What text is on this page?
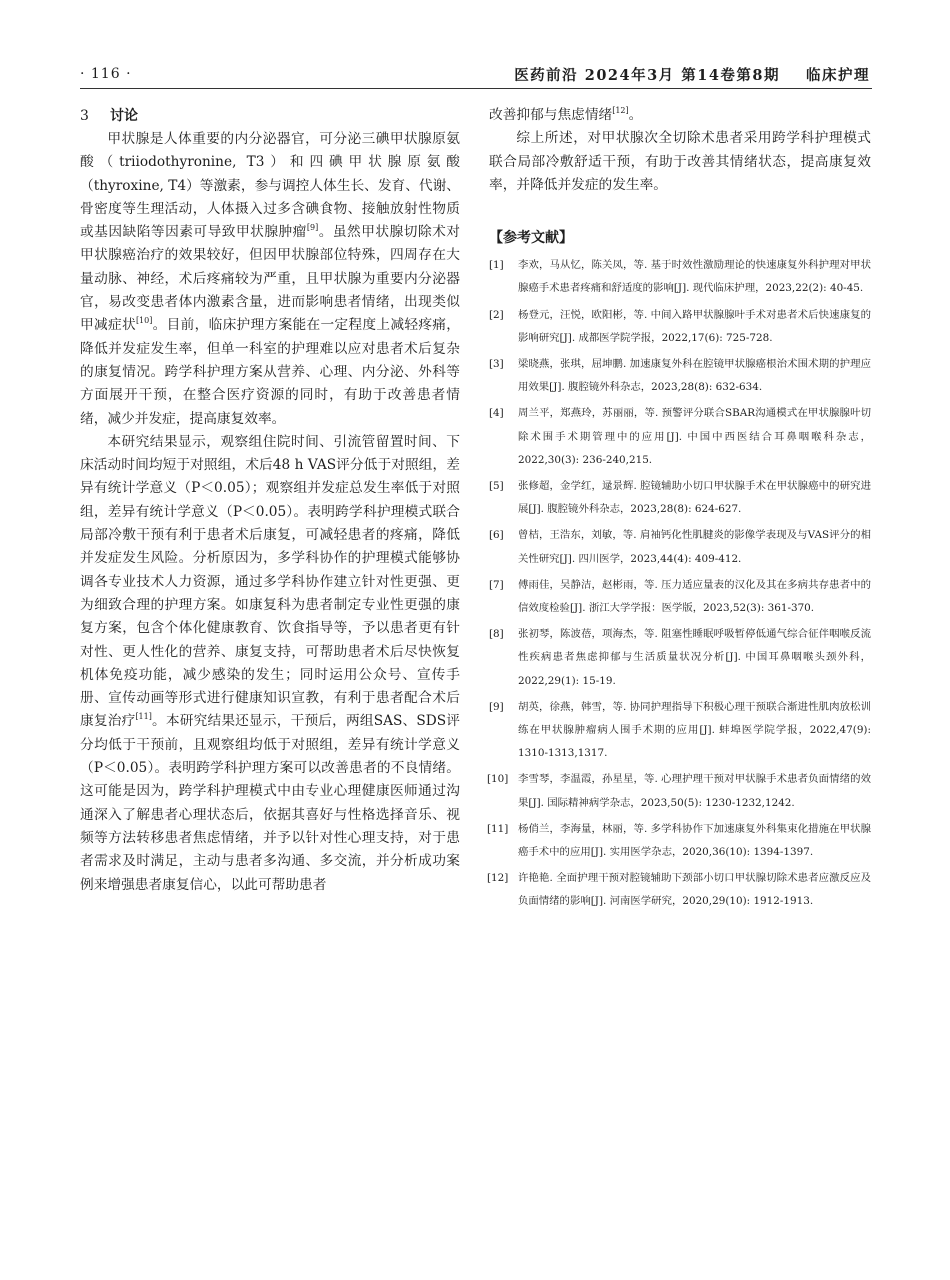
· 116 ·	医药前沿 2024年3月 第14卷第8期 临床护理
3 讨论

甲状腺是人体重要的内分泌器官，可分泌三碘甲状腺原氨酸（triiodothyronine, T3）和四碘甲状腺原氨酸（thyroxine, T4）等激素，参与调控人体生长、发育、代谢、骨密度等生理活动，人体摄入过多含碘食物、接触放射性物质或基因缺陷等因素可导致甲状腺肿瘤[9]。虽然甲状腺切除术对甲状腺癌治疗的效果较好，但因甲状腺部位特殊，四周存在大量动脉、神经，术后疼痛较为严重，且甲状腺为重要内分泌器官，易改变患者体内激素含量，进而影响患者情绪，出现类似甲减症状[10]。目前，临床护理方案能在一定程度上减轻疼痛，降低并发症发生率，但单一科室的护理难以应对患者术后复杂的康复情况。跨学科护理方案从营养、心理、内分泌、外科等方面展开干预，在整合医疗资源的同时，有助于改善患者情绪，减少并发症，提高康复效率。

本研究结果显示，观察组住院时间、引流管留置时间、下床活动时间均短于对照组，术后48 h VAS评分低于对照组，差异有统计学意义（P＜0.05）；观察组并发症总发生率低于对照组，差异有统计学意义（P＜0.05）。表明跨学科护理模式联合局部冷敷干预有利于患者术后康复，可减轻患者的疼痛，降低并发症发生风险。分析原因为，多学科协作的护理模式能够协调各专业技术人力资源，通过多学科协作建立针对性更强、更为细致合理的护理方案。如康复科为患者制定专业性更强的康复方案，包含个体化健康教育、饮食指导等，予以患者更有针对性、更人性化的营养、康复支持，可帮助患者术后尽快恢复机体免疫功能，减少感染的发生；同时运用公众号、宣传手册、宣传动画等形式进行健康知识宣教，有利于患者配合术后康复治疗[11]。本研究结果还显示，干预后，两组SAS、SDS评分均低于干预前，且观察组均低于对照组，差异有统计学意义（P＜0.05）。表明跨学科护理方案可以改善患者的不良情绪。这可能是因为，跨学科护理模式中由专业心理健康医师通过沟通深入了解患者心理状态后，依据其喜好与性格选择音乐、视频等方法转移患者焦虑情绪，并予以针对性心理支持，对于患者需求及时满足，主动与患者多沟通、多交流，并分析成功案例来增强患者康复信心，以此可帮助患者

改善抑郁与焦虑情绪[12]。

综上所述，对甲状腺次全切除术患者采用跨学科护理模式联合局部冷敷舒适干预，有助于改善其情绪状态，提高康复效率，并降低并发症的发生率。

【参考文献】
[1] 李欢，马从忆，陈关凤，等. 基于时效性激励理论的快速康复外科护理对甲状腺癌手术患者疼痛和舒适度的影响[J]. 现代临床护理，2023,22(2): 40-45.
[2] 杨登元，汪悦，欧阳彬，等. 中间入路甲状腺腺叶手术对患者术后快速康复的影响研究[J]. 成都医学院学报，2022,17(6): 725-728.
[3] 梁晓燕，张琪，屈坤鹏. 加速康复外科在腔镜甲状腺癌根治术围术期的护理应用效果[J]. 腹腔镜外科杂志，2023,28(8): 632-634.
[4] 周兰平，郑燕玲，苏丽丽，等. 预警评分联合SBAR沟通模式在甲状腺腺叶切除术围手术期管理中的应用[J]. 中国中西医结合耳鼻咽喉科杂志，2022,30(3): 236-240,215.
[5] 张修超，金学红，逯景辉. 腔镜辅助小切口甲状腺手术在甲状腺癌中的研究进展[J]. 腹腔镜外科杂志，2023,28(8): 624-627.
[6] 曾桔，王浩东，刘敏，等. 肩袖钙化性肌腱炎的影像学表现及与VAS评分的相关性研究[J]. 四川医学，2023,44(4): 409-412.
[7] 傅雨佳，吴静洁，赵彬雨，等. 压力适应量表的汉化及其在多病共存患者中的信效度检验[J]. 浙江大学学报：医学版，2023,52(3): 361-370.
[8] 张初琴，陈波蓓，项海杰，等. 阻塞性睡眠呼吸暂停低通气综合征伴咽喉反流性疾病患者焦虑抑郁与生活质量状况分析[J]. 中国耳鼻咽喉头颈外科，2022,29(1): 15-19.
[9] 胡英，徐燕，韩雪，等. 协同护理指导下积极心理干预联合渐进性肌肉放松训练在甲状腺肿瘤病人围手术期的应用[J]. 蚌埠医学院学报，2022,47(9): 1310-1313,1317.
[10] 李雪琴，李温霞，孙星星，等. 心理护理干预对甲状腺手术患者负面情绪的效果[J]. 国际精神病学杂志，2023,50(5): 1230-1232,1242.
[11] 杨俏兰，李海量，林丽，等. 多学科协作下加速康复外科集束化措施在甲状腺癌手术中的应用[J]. 实用医学杂志，2020,36(10): 1394-1397.
[12] 许艳艳. 全面护理干预对腔镜辅助下颈部小切口甲状腺切除术患者应激反应及负面情绪的影响[J]. 河南医学研究，2020,29(10): 1912-1913.
